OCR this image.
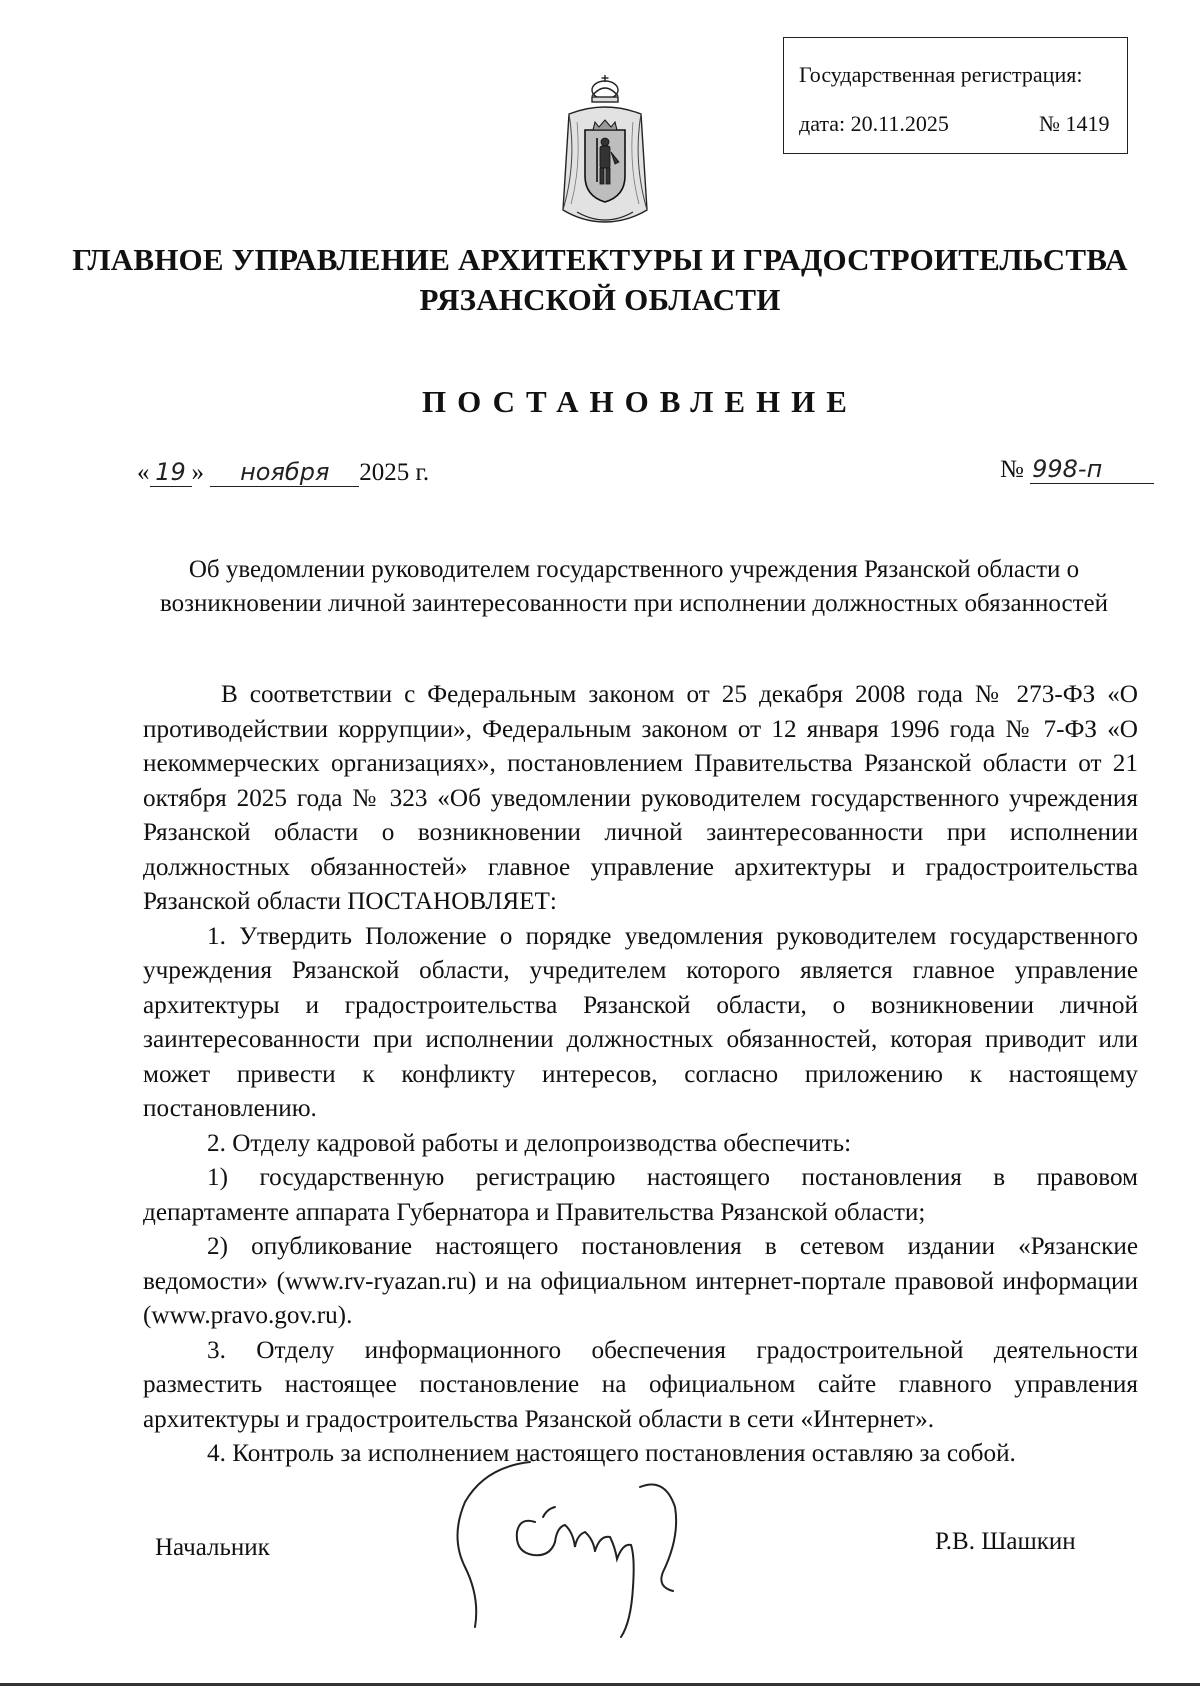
Государственная регистрация:
дата: 20.11.2025	№ 1419
ГЛАВНОЕ УПРАВЛЕНИЕ АРХИТЕКТУРЫ И ГРАДОСТРОИТЕЛЬСТВА
РЯЗАНСКОЙ ОБЛАСТИ
ПОСТАНОВЛЕНИЕ
« 19 » ноября 2025 г.	№ 998-п
Об уведомлении руководителем государственного учреждения Рязанской области о возникновении личной заинтересованности при исполнении должностных обязанностей

В соответствии с Федеральным законом от 25 декабря 2008 года № 273-ФЗ «О противодействии коррупции», Федеральным законом от 12 января 1996 года № 7-ФЗ «О некоммерческих организациях», постановлением Правительства Рязанской области от 21 октября 2025 года № 323 «Об уведомлении руководителем государственного учреждения Рязанской области о возникновении личной заинтересованности при исполнении должностных обязанностей» главное управление архитектуры и градостроительства Рязанской области ПОСТАНОВЛЯЕТ:

1. Утвердить Положение о порядке уведомления руководителем государственного учреждения Рязанской области, учредителем которого является главное управление архитектуры и градостроительства Рязанской области, о возникновении личной заинтересованности при исполнении должностных обязанностей, которая приводит или может привести к конфликту интересов, согласно приложению к настоящему постановлению.

2. Отделу кадровой работы и делопроизводства обеспечить:

1) государственную регистрацию настоящего постановления в правовом департаменте аппарата Губернатора и Правительства Рязанской области;

2) опубликование настоящего постановления в сетевом издании «Рязанские ведомости» (www.rv-ryazan.ru) и на официальном интернет-портале правовой информации (www.pravo.gov.ru).

3. Отделу информационного обеспечения градостроительной деятельности разместить настоящее постановление на официальном сайте главного управления архитектуры и градостроительства Рязанской области в сети «Интернет».

4. Контроль за исполнением настоящего постановления оставляю за собой.

Начальник	Р.В. Шашкин
